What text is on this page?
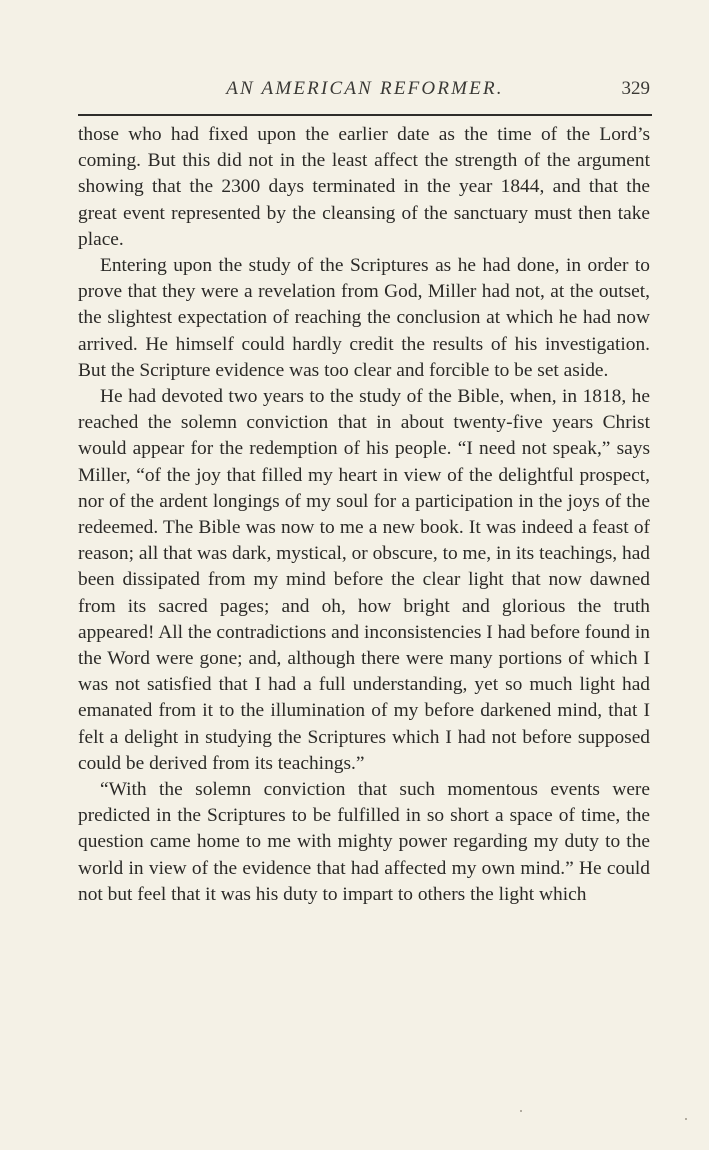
AN AMERICAN REFORMER.	329

those who had fixed upon the earlier date as the time of the Lord’s coming. But this did not in the least affect the strength of the argument showing that the 2300 days terminated in the year 1844, and that the great event represented by the cleansing of the sanctuary must then take place.

Entering upon the study of the Scriptures as he had done, in order to prove that they were a revelation from God, Miller had not, at the outset, the slightest expectation of reaching the conclusion at which he had now arrived. He himself could hardly credit the results of his investigation. But the Scripture evidence was too clear and forcible to be set aside.

He had devoted two years to the study of the Bible, when, in 1818, he reached the solemn conviction that in about twenty-five years Christ would appear for the redemption of his people. “I need not speak,” says Miller, “of the joy that filled my heart in view of the delightful prospect, nor of the ardent longings of my soul for a participation in the joys of the redeemed. The Bible was now to me a new book. It was indeed a feast of reason; all that was dark, mystical, or obscure, to me, in its teachings, had been dissipated from my mind before the clear light that now dawned from its sacred pages; and oh, how bright and glorious the truth appeared! All the contradictions and inconsistencies I had before found in the Word were gone; and, although there were many portions of which I was not satisfied that I had a full understanding, yet so much light had emanated from it to the illumination of my before darkened mind, that I felt a delight in studying the Scriptures which I had not before supposed could be derived from its teachings.”

“With the solemn conviction that such momentous events were predicted in the Scriptures to be fulfilled in so short a space of time, the question came home to me with mighty power regarding my duty to the world in view of the evidence that had affected my own mind.” He could not but feel that it was his duty to impart to others the light which
